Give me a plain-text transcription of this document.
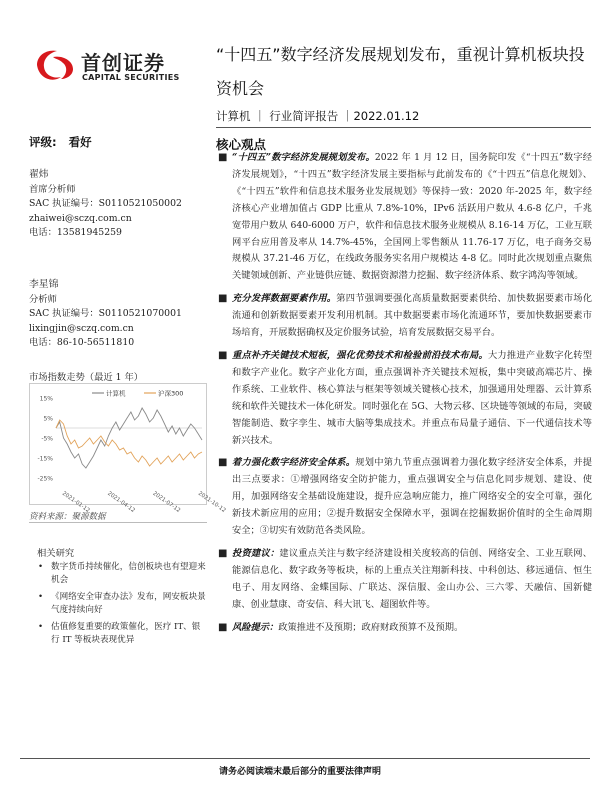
首创证券
CAPITAL SECURITIES
“十四五”数字经济发展规划发布，重视计算机板块投资机会
计算机 ｜ 行业简评报告 ｜2022.01.12
核心观点
评级: 看好
翟炜
首席分析师
SAC 执证编号：S0110521050002
zhaiwei@sczq.com.cn
电话：13581945259
李星锦
分析师
SAC 执证编号：S0110521070001
lixingjin@sczq.com.cn
电话：86-10-56511810
市场指数走势（最近 1 年）
15%
5%
-5%
-15%
-25%
2021-01-12	2021-04-12	2021-07-12	2021-10-12
计算机	沪深300
资料来源：聚源数据
相关研究
• 数字货币持续催化，信创板块也有望迎来机会
• 《网络安全审查办法》发布，网安板块景气度持续向好
• 估值修复重要的政策催化，医疗 IT、银行 IT 等板块表现优异
■ “十四五”数字经济发展规划发布。2022 年 1 月 12 日，国务院印发《“十四五”数字经济发展规划》，“十四五”数字经济发展主要指标与此前发布的《“十四五”信息化规划》、《“十四五”软件和信息技术服务业发展规划》等保持一致：2020 年-2025 年，数字经济核心产业增加值占 GDP 比重从 7.8%-10%，IPv6 活跃用户数从 4.6-8 亿户，千兆宽带用户数从 640-6000 万户，软件和信息技术服务业规模从 8.16-14 万亿，工业互联网平台应用普及率从 14.7%-45%，全国网上零售额从 11.76-17 万亿，电子商务交易规模从 37.21-46 万亿，在线政务服务实名用户规模达 4-8 亿。同时此次规划重点聚焦关键领域创新、产业链供应链、数据资源潜力挖掘、数字经济体系、数字鸿沟等领域。
■ 充分发挥数据要素作用。第四节强调要强化高质量数据要素供给、加快数据要素市场化流通和创新数据要素开发利用机制。其中数据要素市场化流通环节，要加快数据要素市场培育，开展数据确权及定价服务试验，培育发展数据交易平台。
■ 重点补齐关键技术短板，强化优势技术和检验前沿技术布局。大力推进产业数字化转型和数字产业化。数字产业化方面，重点强调补齐关键技术短板，集中突破高端芯片、操作系统、工业软件、核心算法与框架等领域关键核心技术，加强通用处理器、云计算系统和软件关键技术一体化研发。同时强化在 5G、大物云移、区块链等领域的布局，突破智能制造、数字孪生、城市大脑等集成技术。并重点布局量子通信、下一代通信技术等新兴技术。
■ 着力强化数字经济安全体系。规划中第九节重点强调着力强化数字经济安全体系，并提出三点要求：①增强网络安全防护能力，重点强调安全与信息化同步规划、建设、使用，加强网络安全基础设施建设，提升应急响应能力，推广网络安全的安全可靠，强化新技术新应用的应用；②提升数据安全保障水平，强调在挖掘数据价值时的全生命周期安全；③切实有效防范各类风险。
■ 投资建议：建议重点关注与数字经济建设相关度较高的信创、网络安全、工业互联网、能源信息化、数字政务等板块，标的上重点关注翔新科技、中科创达、移远通信、恒生电子、用友网络、金蝶国际、广联达、深信服、金山办公、三六零、天融信、国新健康、创业慧康、奇安信、科大讯飞、超图软件等。
■ 风险提示：政策推进不及预期；政府财政预算不及预期。
请务必阅读端末最后部分的重要法律声明
